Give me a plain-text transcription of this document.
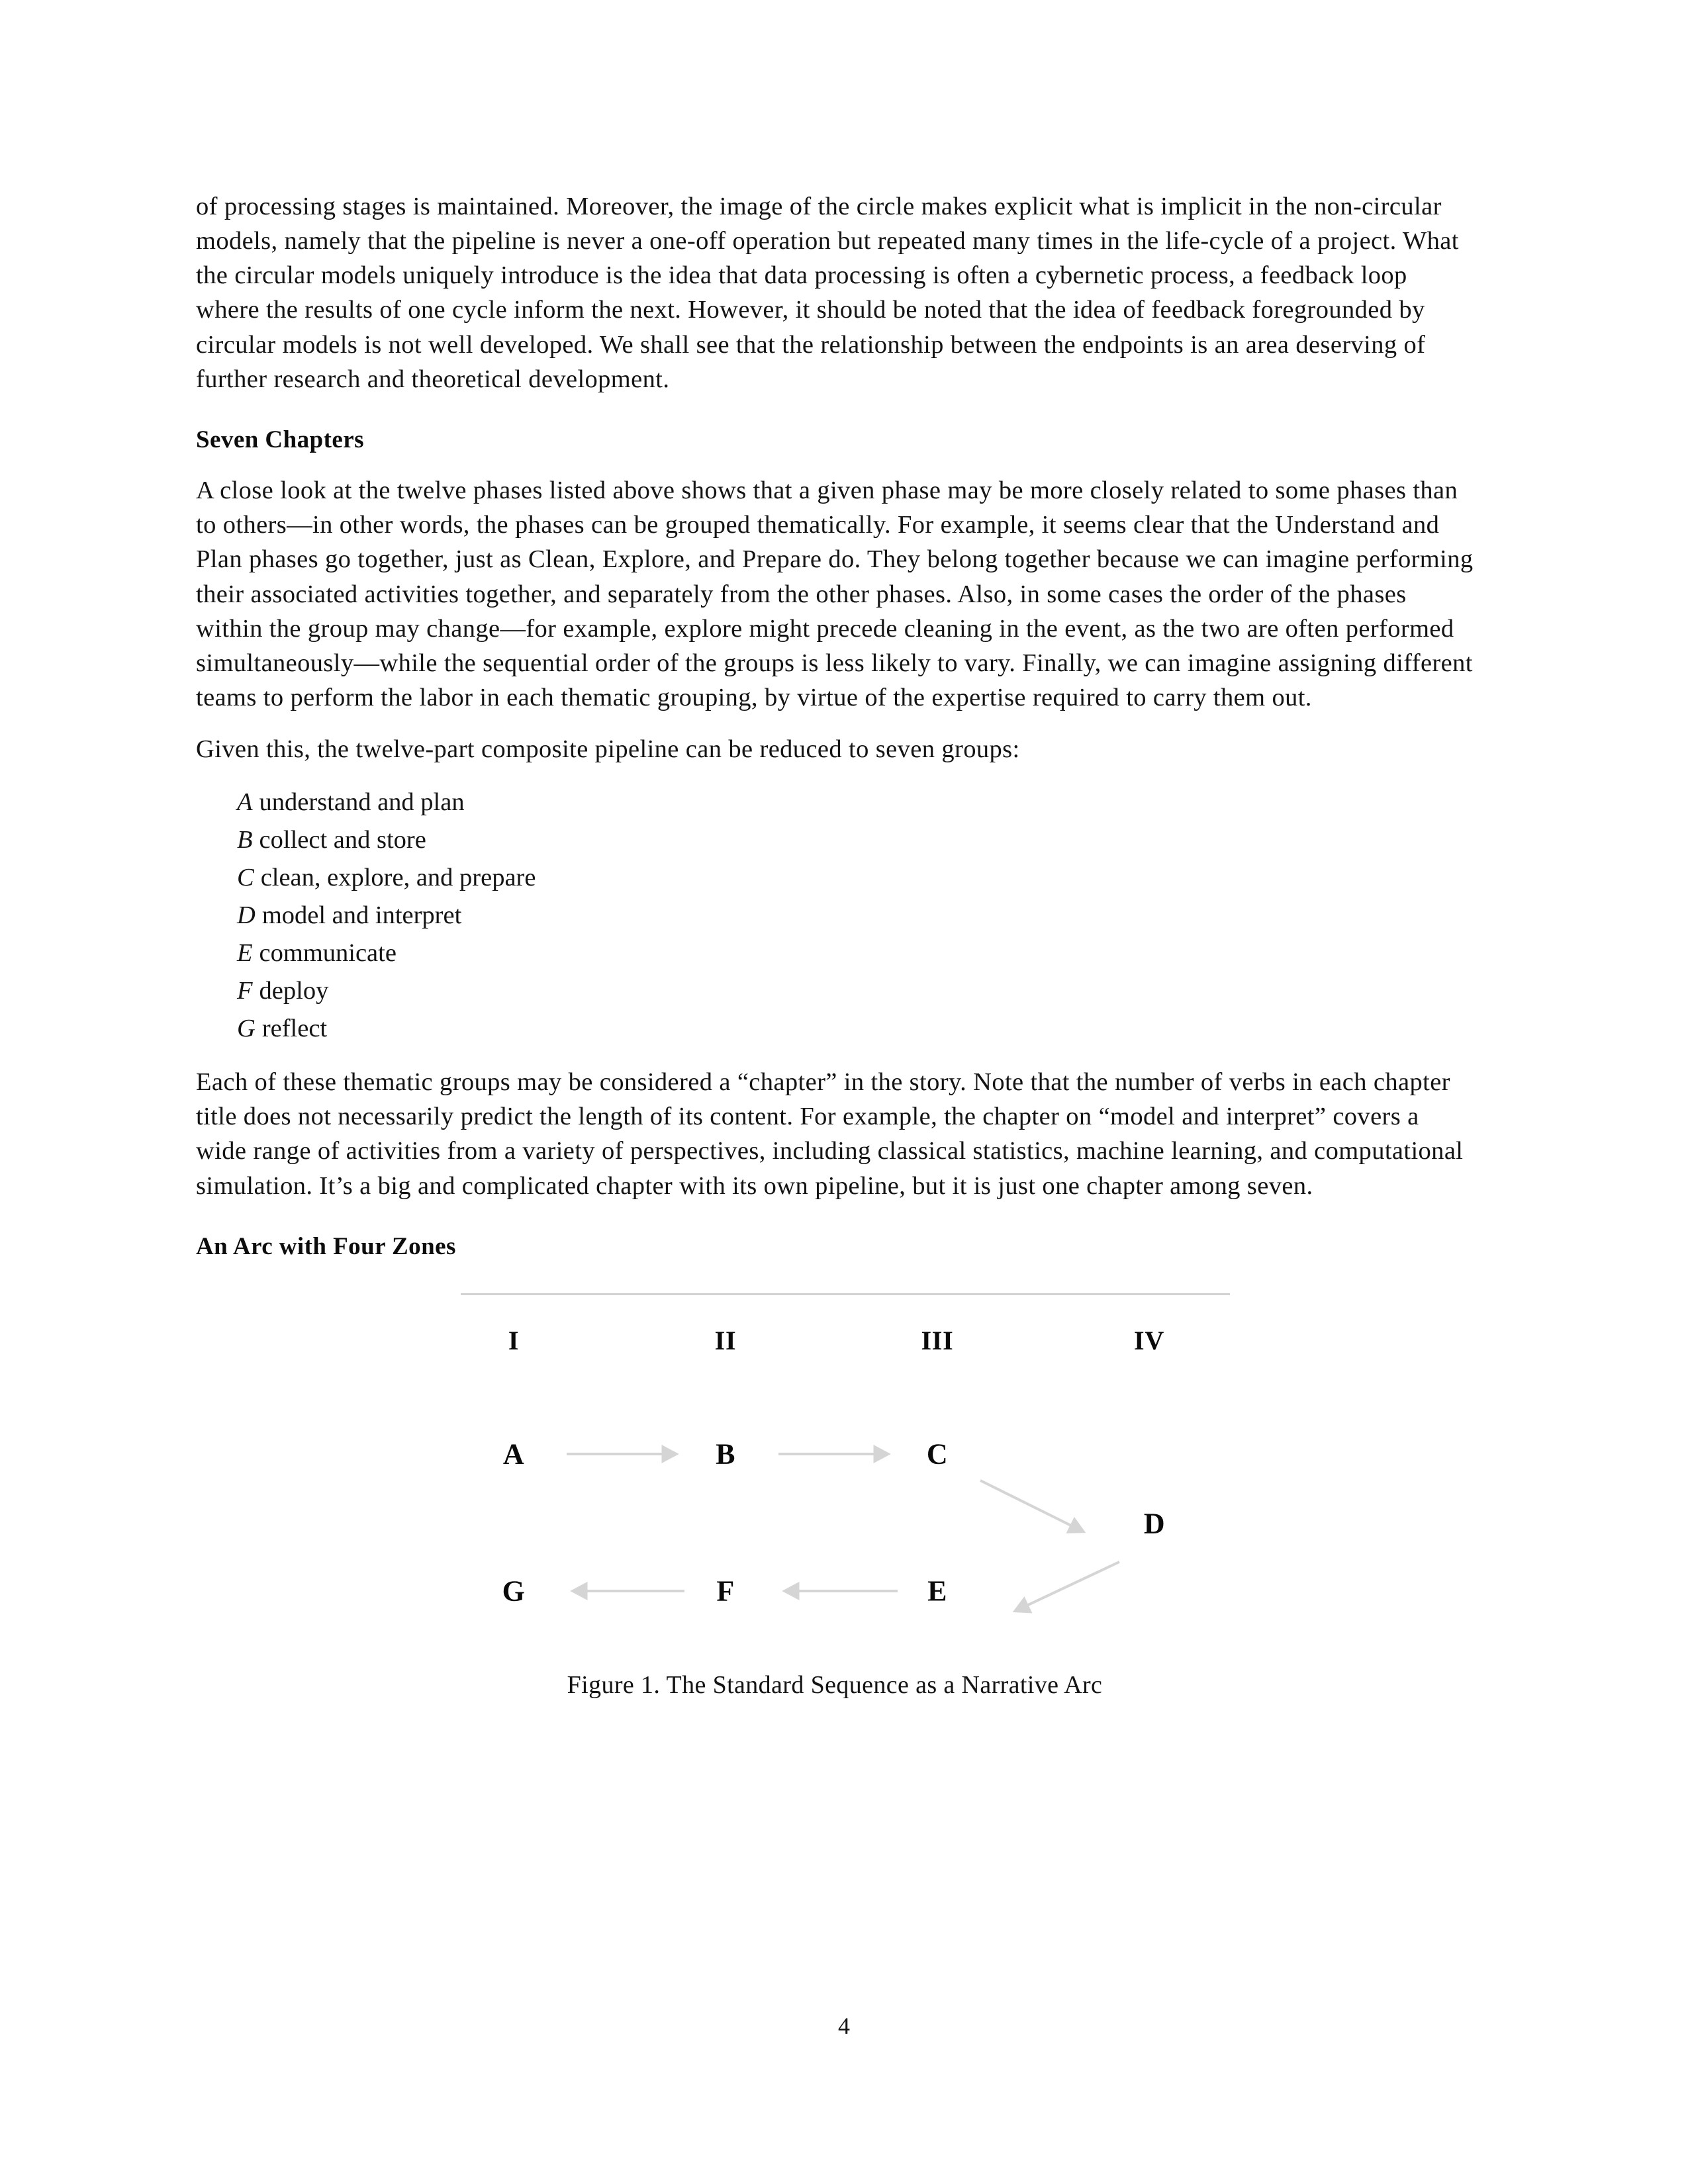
of processing stages is maintained. Moreover, the image of the circle makes explicit what is implicit in the non-circular models, namely that the pipeline is never a one-off operation but repeated many times in the life-cycle of a project. What the circular models uniquely introduce is the idea that data processing is often a cybernetic process, a feedback loop where the results of one cycle inform the next. However, it should be noted that the idea of feedback foregrounded by circular models is not well developed. We shall see that the relationship between the endpoints is an area deserving of further research and theoretical development.

Seven Chapters

A close look at the twelve phases listed above shows that a given phase may be more closely related to some phases than to others—in other words, the phases can be grouped thematically. For example, it seems clear that the Understand and Plan phases go together, just as Clean, Explore, and Prepare do. They belong together because we can imagine performing their associated activities together, and separately from the other phases. Also, in some cases the order of the phases within the group may change—for example, explore might precede cleaning in the event, as the two are often performed simultaneously—while the sequential order of the groups is less likely to vary. Finally, we can imagine assigning different teams to perform the labor in each thematic grouping, by virtue of the expertise required to carry them out.

Given this, the twelve-part composite pipeline can be reduced to seven groups:

A understand and plan
B collect and store
C clean, explore, and prepare
D model and interpret
E communicate
F deploy
G reflect

Each of these thematic groups may be considered a “chapter” in the story. Note that the number of verbs in each chapter title does not necessarily predict the length of its content. For example, the chapter on “model and interpret” covers a wide range of activities from a variety of perspectives, including classical statistics, machine learning, and computational simulation. It’s a big and complicated chapter with its own pipeline, but it is just one chapter among seven.

An Arc with Four Zones
I	II	III	IV
A	B	C
D
E
F
G
Figure 1. The Standard Sequence as a Narrative Arc
4
